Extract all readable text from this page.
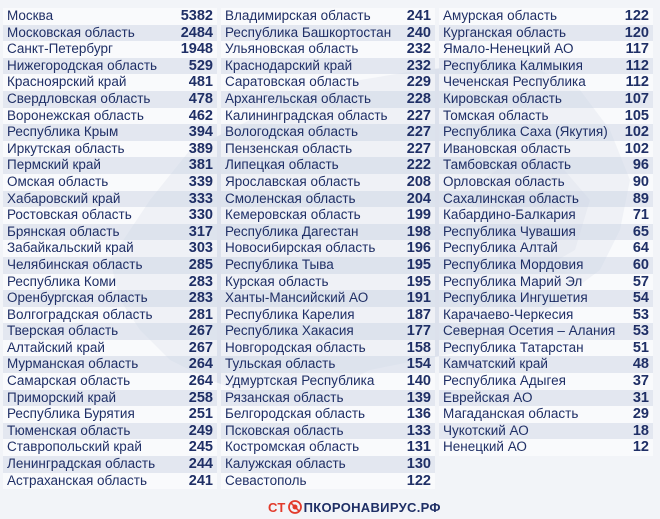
Москва	5382
Московская область	2484
Санкт-Петербург	1948
Нижегородская область 529
Красноярский край	481
Свердловская область	478
Воронежская область	462
Республика Крым	394
Иркутская область	389
Пермский край	381
Омская область	339
Хабаровский край	333
Ростовская область	330
Брянская область	317
Забайкальский край	303
Челябинская область	285
Республика Коми	283
Оренбургская область	283
Волгоградская область 281
Тверская область	267
Алтайский край	267
Мурманская область	264
Самарская область	264
Приморский край	258
Республика Бурятия	251
Тюменская область	249
Ставропольский край	245
Ленинградская область 244
Астраханская область	241
Владимирская область 241
Республика Башкортостан 240
Ульяновская область	232
Краснодарский край	232
Саратовская область	229
Архангельская область 228
Калининградская область 227
Вологодская область	227
Пензенская область	227
Липецкая область	222
Ярославская область	208
Смоленская область	204
Кемеровская область	199
Республика Дагестан	198
Новосибирская область 196
Республика Тыва	195
Курская область	195
Ханты-Мансийский АО	191
Республика Карелия	187
Республика Хакасия	177
Новгородская область	158
Тульская область	154
Удмуртская Республика 140
Рязанская область	139
Белгородская область	136
Псковская область	133
Костромская область	131
Калужская область	130
Севастополь	122
Амурская область	122
Курганская область	120
Ямало-Ненецкий АО	117
Республика Калмыкия	112
Чеченская Республика	112
Кировская область	107
Томская область	105
Республика Саха (Якутия) 102
Ивановская область	102
Тамбовская область	96
Орловская область	90
Сахалинская область	89
Кабардино-Балкария	71
Республика Чувашия	65
Республика Алтай	64
Республика Мордовия	60
Республика Марий Эл	57
Республика Ингушетия	54
Карачаево-Черкесия	53
Северная Осетия – Алания 53
Республика Татарстан	51
Камчатский край	48
Республика Адыгея	37
Еврейская АО	31
Магаданская область	29
Чукотский АО	18
Ненецкий АО	12
СТ ПКОРОНАВИРУС.РФ
